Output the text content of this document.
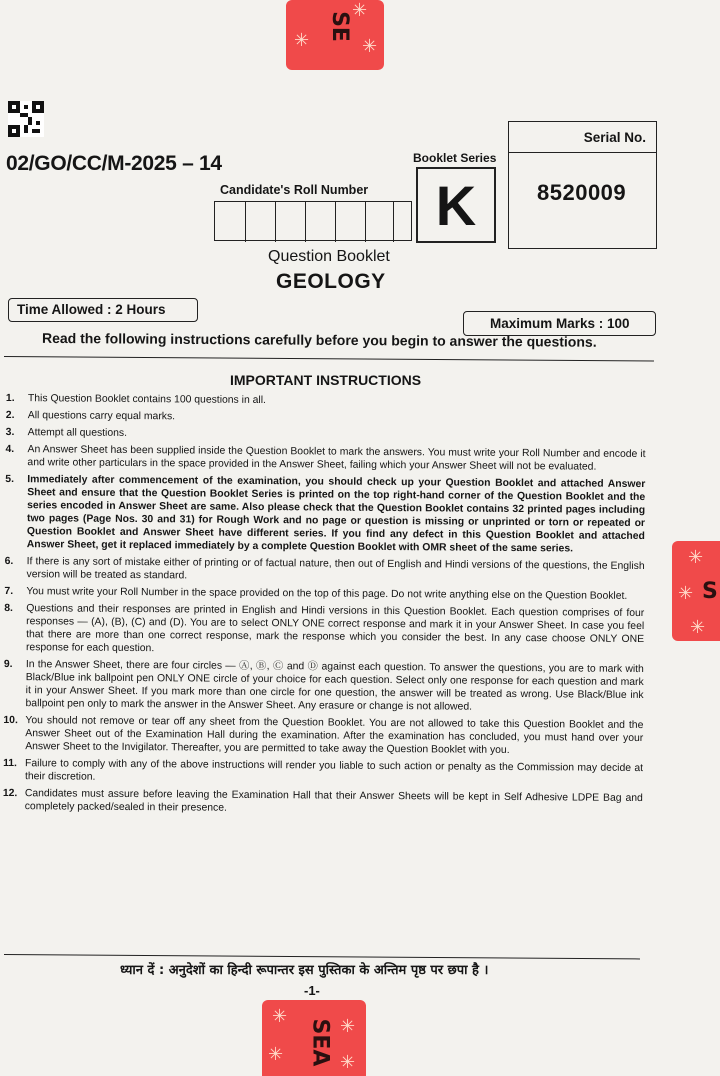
✳	✳
✳
SE
02/GO/CC/M-2025 – 14
Candidate's Roll Number
Booklet Series
K
Serial No.
8520009
Question Booklet
GEOLOGY
Time Allowed : 2 Hours
Maximum Marks : 100
Read the following instructions carefully before you begin to answer the questions.
IMPORTANT INSTRUCTIONS
1. This Question Booklet contains 100 questions in all.
2. All questions carry equal marks.
3. Attempt all questions.
4. An Answer Sheet has been supplied inside the Question Booklet to mark the answers. You must write your Roll Number and encode it and write other particulars in the space provided in the Answer Sheet, failing which your Answer Sheet will not be evaluated.
5. Immediately after commencement of the examination, you should check up your Question Booklet and attached Answer Sheet and ensure that the Question Booklet Series is printed on the top right-hand corner of the Question Booklet and the series encoded in Answer Sheet are same. Also please check that the Question Booklet contains 32 printed pages including two pages (Page Nos. 30 and 31) for Rough Work and no page or question is missing or unprinted or torn or repeated or Question Booklet and Answer Sheet have different series. If you find any defect in this Question Booklet and attached Answer Sheet, get it replaced immediately by a complete Question Booklet with OMR sheet of the same series.
6. If there is any sort of mistake either of printing or of factual nature, then out of English and Hindi versions of the questions, the English version will be treated as standard.
7. You must write your Roll Number in the space provided on the top of this page. Do not write anything else on the Question Booklet.
8. Questions and their responses are printed in English and Hindi versions in this Question Booklet. Each question comprises of four responses — (A), (B), (C) and (D). You are to select ONLY ONE correct response and mark it in your Answer Sheet. In case you feel that there are more than one correct response, mark the response which you consider the best. In any case choose ONLY ONE response for each question.
9. In the Answer Sheet, there are four circles — Ⓐ, Ⓑ, Ⓒ and Ⓓ against each question. To answer the questions, you are to mark with Black/Blue ink ballpoint pen ONLY ONE circle of your choice for each question. Select only one response for each question and mark it in your Answer Sheet. If you mark more than one circle for one question, the answer will be treated as wrong. Use Black/Blue ink ballpoint pen only to mark the answer in the Answer Sheet. Any erasure or change is not allowed.
10. You should not remove or tear off any sheet from the Question Booklet. You are not allowed to take this Question Booklet and the Answer Sheet out of the Examination Hall during the examination. After the examination has concluded, you must hand over your Answer Sheet to the Invigilator. Thereafter, you are permitted to take away the Question Booklet with you.
11. Failure to comply with any of the above instructions will render you liable to such action or penalty as the Commission may decide at their discretion.
12. Candidates must assure before leaving the Examination Hall that their Answer Sheets will be kept in Self Adhesive LDPE Bag and completely packed/sealed in their presence.
ध्यान दें : अनुदेशों का हिन्दी रूपान्तर इस पुस्तिका के अन्तिम पृष्ठ पर छपा है ।
-1-
✳
✳
✳
S
✳	✳
✳	✳
SEA
